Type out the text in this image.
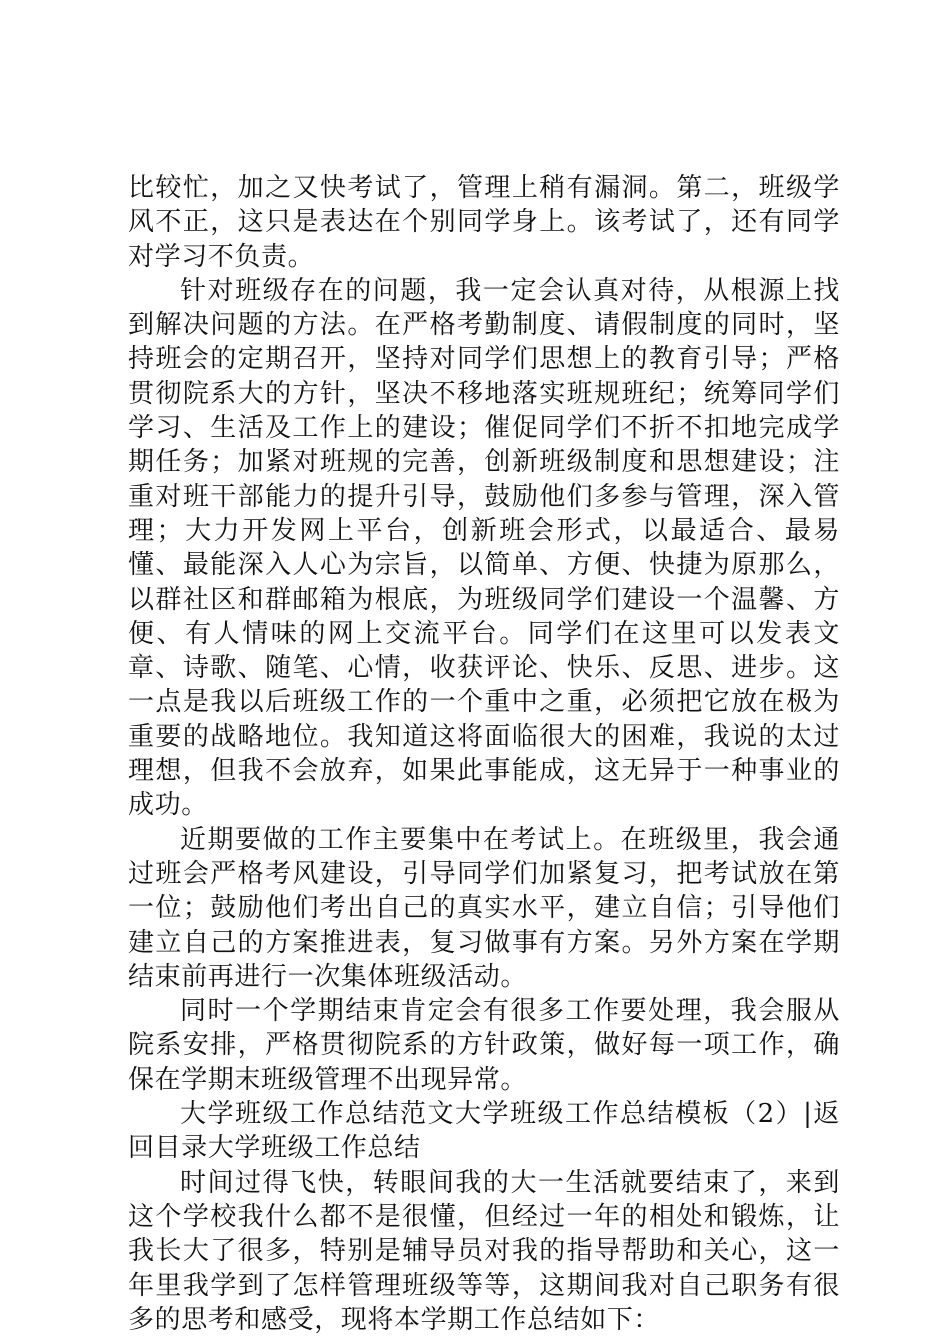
比较忙，加之又快考试了，管理上稍有漏洞。第二，班级学风不正，这只是表达在个别同学身上。该考试了，还有同学对学习不负责。

针对班级存在的问题，我一定会认真对待，从根源上找到解决问题的方法。在严格考勤制度、请假制度的同时，坚持班会的定期召开，坚持对同学们思想上的教育引导；严格贯彻院系大的方针，坚决不移地落实班规班纪；统筹同学们学习、生活及工作上的建设；催促同学们不折不扣地完成学期任务；加紧对班规的完善，创新班级制度和思想建设；注重对班干部能力的提升引导，鼓励他们多参与管理，深入管理；大力开发网上平台，创新班会形式，以最适合、最易懂、最能深入人心为宗旨，以简单、方便、快捷为原那么，以群社区和群邮箱为根底，为班级同学们建设一个温馨、方便、有人情味的网上交流平台。同学们在这里可以发表文章、诗歌、随笔、心情，收获评论、快乐、反思、进步。这一点是我以后班级工作的一个重中之重，必须把它放在极为重要的战略地位。我知道这将面临很大的困难，我说的太过理想，但我不会放弃，如果此事能成，这无异于一种事业的成功。

近期要做的工作主要集中在考试上。在班级里，我会通过班会严格考风建设，引导同学们加紧复习，把考试放在第一位；鼓励他们考出自己的真实水平，建立自信；引导他们建立自己的方案推进表，复习做事有方案。另外方案在学期结束前再进行一次集体班级活动。

同时一个学期结束肯定会有很多工作要处理，我会服从院系安排，严格贯彻院系的方针政策，做好每一项工作，确保在学期末班级管理不出现异常。

大学班级工作总结范文大学班级工作总结模板（2）|返回目录大学班级工作总结

时间过得飞快，转眼间我的大一生活就要结束了，来到这个学校我什么都不是很懂，但经过一年的相处和锻炼，让我长大了很多，特别是辅导员对我的指导帮助和关心，这一年里我学到了怎样管理班级等等，这期间我对自己职务有很多的思考和感受，现将本学期工作总结如下：
